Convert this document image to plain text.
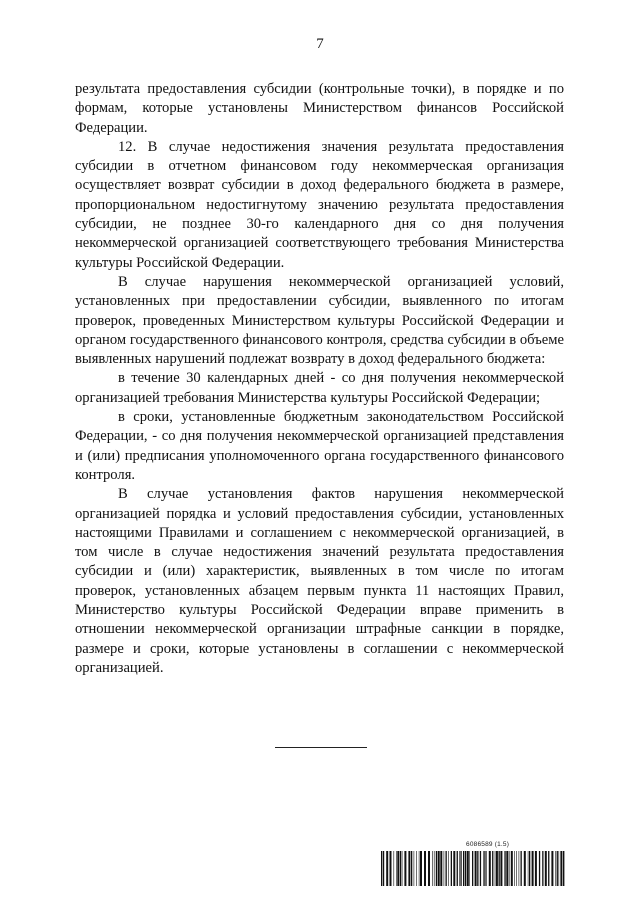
7

результата предоставления субсидии (контрольные точки), в порядке и по формам, которые установлены Министерством финансов Российской Федерации.

12. В случае недостижения значения результата предоставления субсидии в отчетном финансовом году некоммерческая организация осуществляет возврат субсидии в доход федерального бюджета в размере, пропорциональном недостигнутому значению результата предоставления субсидии, не позднее 30-го календарного дня со дня получения некоммерческой организацией соответствующего требования Министерства культуры Российской Федерации.

В случае нарушения некоммерческой организацией условий, установленных при предоставлении субсидии, выявленного по итогам проверок, проведенных Министерством культуры Российской Федерации и органом государственного финансового контроля, средства субсидии в объеме выявленных нарушений подлежат возврату в доход федерального бюджета:

в течение 30 календарных дней - со дня получения некоммерческой организацией требования Министерства культуры Российской Федерации;

в сроки, установленные бюджетным законодательством Российской Федерации, - со дня получения некоммерческой организацией представления и (или) предписания уполномоченного органа государственного финансового контроля.

В случае установления фактов нарушения некоммерческой организацией порядка и условий предоставления субсидии, установленных настоящими Правилами и соглашением с некоммерческой организацией, в том числе в случае недостижения значений результата предоставления субсидии и (или) характеристик, выявленных в том числе по итогам проверок, установленных абзацем первым пункта 11 настоящих Правил, Министерство культуры Российской Федерации вправе применить в отношении некоммерческой организации штрафные санкции в порядке, размере и сроки, которые установлены в соглашении с некоммерческой организацией.

6086589 (1.5)
